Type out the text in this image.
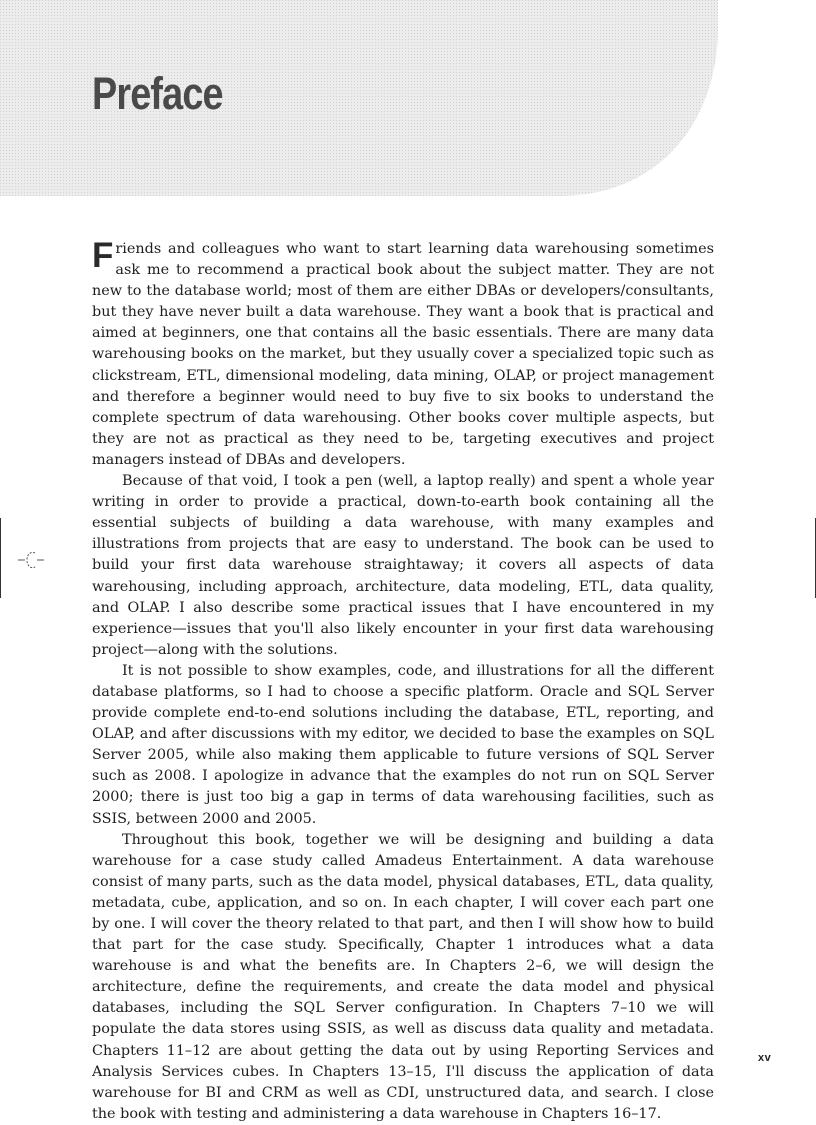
Preface

Friends and colleagues who want to start learning data warehousing sometimes ask me to recommend a practical book about the subject matter. They are not new to the database world; most of them are either DBAs or developers/consultants, but they have never built a data warehouse. They want a book that is practical and aimed at beginners, one that contains all the basic essentials. There are many data warehousing books on the market, but they usually cover a specialized topic such as clickstream, ETL, dimensional modeling, data mining, OLAP, or project management and therefore a beginner would need to buy five to six books to understand the complete spectrum of data warehousing. Other books cover multiple aspects, but they are not as practical as they need to be, targeting executives and project managers instead of DBAs and developers.

Because of that void, I took a pen (well, a laptop really) and spent a whole year writing in order to provide a practical, down-to-earth book containing all the essential subjects of building a data warehouse, with many examples and illustrations from projects that are easy to understand. The book can be used to build your first data warehouse straightaway; it covers all aspects of data warehousing, including approach, architecture, data modeling, ETL, data quality, and OLAP. I also describe some practical issues that I have encountered in my experience—issues that you'll also likely encounter in your first data warehousing project—along with the solutions.

It is not possible to show examples, code, and illustrations for all the different database platforms, so I had to choose a specific platform. Oracle and SQL Server provide complete end-to-end solutions including the database, ETL, reporting, and OLAP, and after discussions with my editor, we decided to base the examples on SQL Server 2005, while also making them applicable to future versions of SQL Server such as 2008. I apologize in advance that the examples do not run on SQL Server 2000; there is just too big a gap in terms of data warehousing facilities, such as SSIS, between 2000 and 2005.

Throughout this book, together we will be designing and building a data warehouse for a case study called Amadeus Entertainment. A data warehouse consist of many parts, such as the data model, physical databases, ETL, data quality, metadata, cube, application, and so on. In each chapter, I will cover each part one by one. I will cover the theory related to that part, and then I will show how to build that part for the case study. Specifically, Chapter 1 introduces what a data warehouse is and what the benefits are. In Chapters 2–6, we will design the architecture, define the requirements, and create the data model and physical databases, including the SQL Server configuration. In Chapters 7–10 we will populate the data stores using SSIS, as well as discuss data quality and metadata. Chapters 11–12 are about getting the data out by using Reporting Services and Analysis Services cubes. In Chapters 13–15, I'll discuss the application of data warehouse for BI and CRM as well as CDI, unstructured data, and search. I close the book with testing and administering a data warehouse in Chapters 16–17.

xv
